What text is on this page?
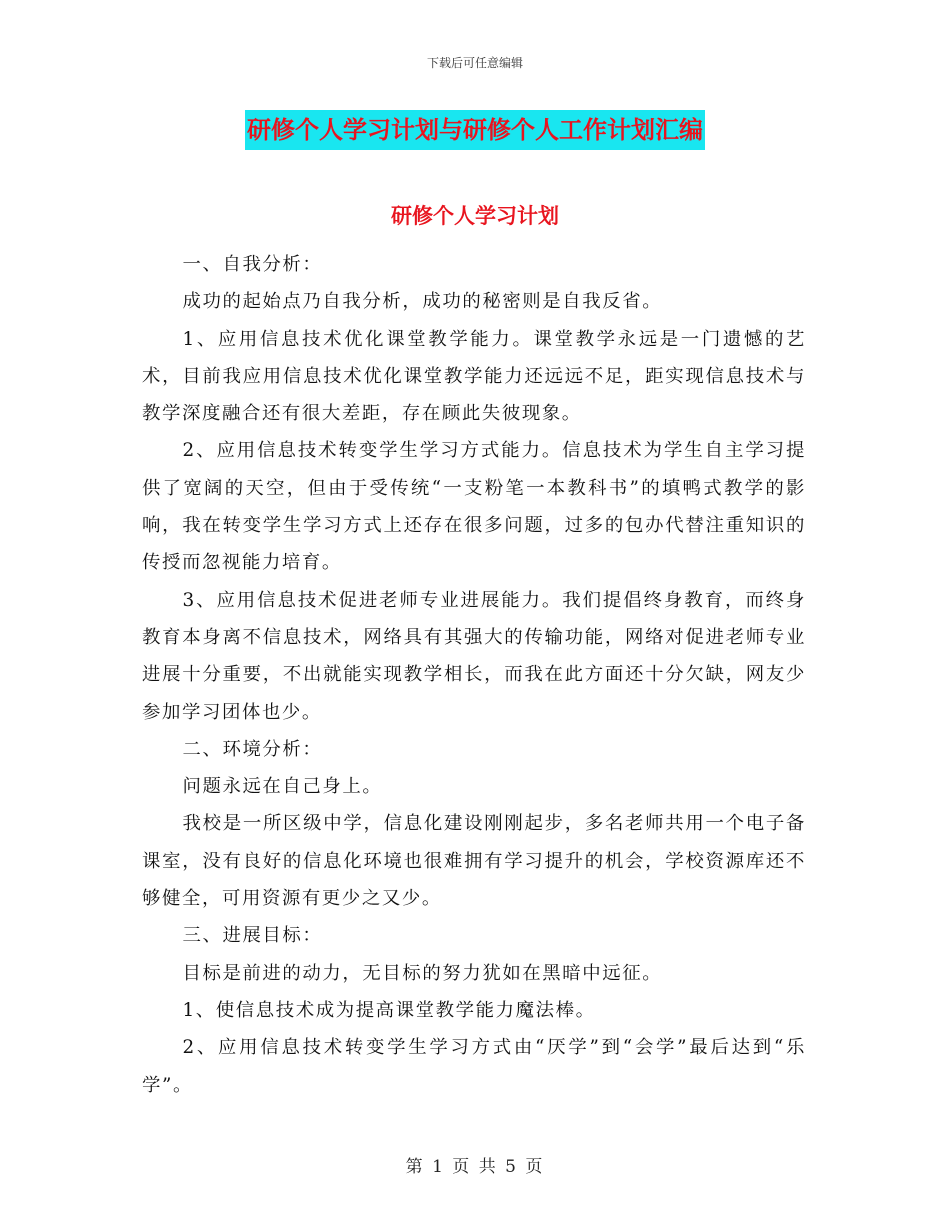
下载后可任意编辑
研修个人学习计划与研修个人工作计划汇编
研修个人学习计划

一、自我分析：

成功的起始点乃自我分析，成功的秘密则是自我反省。

1、应用信息技术优化课堂教学能力。课堂教学永远是一门遗憾的艺术，目前我应用信息技术优化课堂教学能力还远远不足，距实现信息技术与教学深度融合还有很大差距，存在顾此失彼现象。

2、应用信息技术转变学生学习方式能力。信息技术为学生自主学习提供了宽阔的天空，但由于受传统“一支粉笔一本教科书”的填鸭式教学的影响，我在转变学生学习方式上还存在很多问题，过多的包办代替注重知识的传授而忽视能力培育。

3、应用信息技术促进老师专业进展能力。我们提倡终身教育，而终身教育本身离不信息技术，网络具有其强大的传输功能，网络对促进老师专业进展十分重要，不出就能实现教学相长，而我在此方面还十分欠缺，网友少参加学习团体也少。

二、环境分析：

问题永远在自己身上。

我校是一所区级中学，信息化建设刚刚起步，多名老师共用一个电子备课室，没有良好的信息化环境也很难拥有学习提升的机会，学校资源库还不够健全，可用资源有更少之又少。

三、进展目标：

目标是前进的动力，无目标的努力犹如在黑暗中远征。

1、使信息技术成为提高课堂教学能力魔法棒。

2、应用信息技术转变学生学习方式由“厌学”到“会学”最后达到“乐学”。

第 1 页 共 5 页
